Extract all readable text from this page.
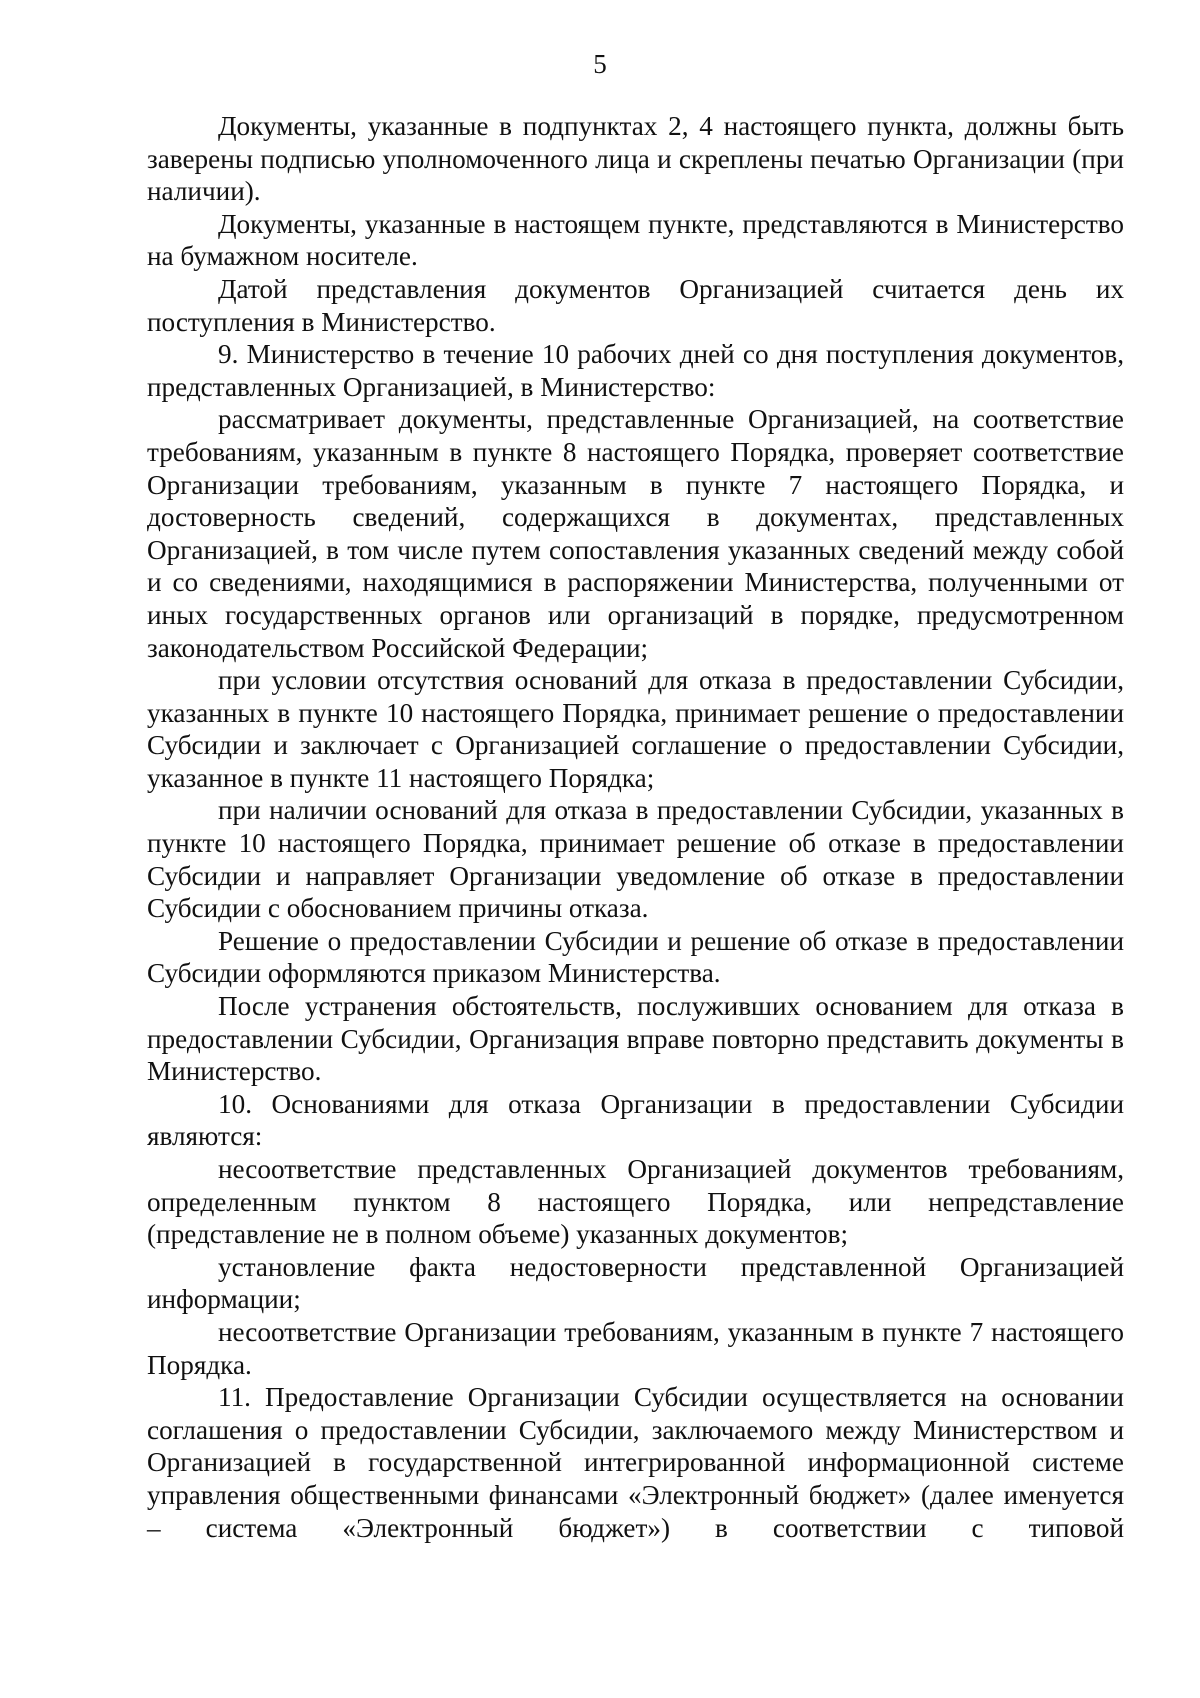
5

Документы, указанные в подпунктах 2, 4 настоящего пункта, должны быть заверены подписью уполномоченного лица и скреплены печатью Организации (при наличии).

Документы, указанные в настоящем пункте, представляются в Министерство на бумажном носителе.

Датой представления документов Организацией считается день их поступления в Министерство.

9. Министерство в течение 10 рабочих дней со дня поступления документов, представленных Организацией, в Министерство:

рассматривает документы, представленные Организацией, на соответствие требованиям, указанным в пункте 8 настоящего Порядка, проверяет соответствие Организации требованиям, указанным в пункте 7 настоящего Порядка, и достоверность сведений, содержащихся в документах, представленных Организацией, в том числе путем сопоставления указанных сведений между собой и со сведениями, находящимися в распоряжении Министерства, полученными от иных государственных органов или организаций в порядке, предусмотренном законодательством Российской Федерации;

при условии отсутствия оснований для отказа в предоставлении Субсидии, указанных в пункте 10 настоящего Порядка, принимает решение о предоставлении Субсидии и заключает с Организацией соглашение о предоставлении Субсидии, указанное в пункте 11 настоящего Порядка;

при наличии оснований для отказа в предоставлении Субсидии, указанных в пункте 10 настоящего Порядка, принимает решение об отказе в предоставлении Субсидии и направляет Организации уведомление об отказе в предоставлении Субсидии с обоснованием причины отказа.

Решение о предоставлении Субсидии и решение об отказе в предоставлении Субсидии оформляются приказом Министерства.

После устранения обстоятельств, послуживших основанием для отказа в предоставлении Субсидии, Организация вправе повторно представить документы в Министерство.

10. Основаниями для отказа Организации в предоставлении Субсидии являются:

несоответствие представленных Организацией документов требованиям, определенным пунктом 8 настоящего Порядка, или непредставление (представление не в полном объеме) указанных документов;

установление факта недостоверности представленной Организацией информации;

несоответствие Организации требованиям, указанным в пункте 7 настоящего Порядка.

11. Предоставление Организации Субсидии осуществляется на основании соглашения о предоставлении Субсидии, заключаемого между Министерством и Организацией в государственной интегрированной информационной системе управления общественными финансами «Электронный бюджет» (далее именуется – система «Электронный бюджет») в соответствии с типовой
